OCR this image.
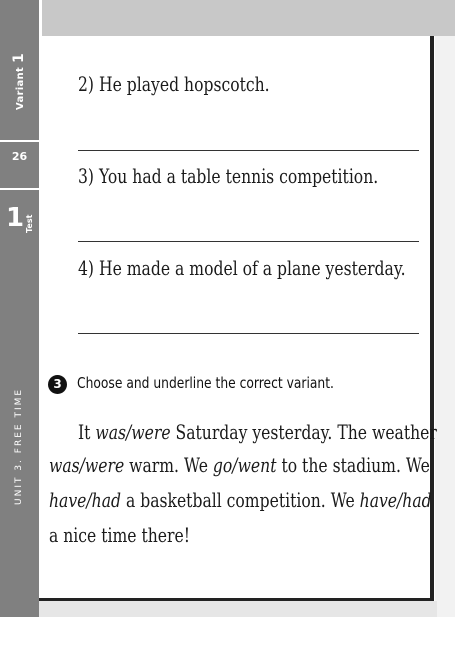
Variant1
26
1 Test
UNIT 3. FREE TIME
2) He played hopscotch.
3) You had a table tennis competition.
4) He made a model of a plane yesterday.
3	Choose and underline the correct variant.
It was/were Saturday yesterday. The weather
was/were warm. We go/went to the stadium. We
have/had a basketball competition. We have/had
a nice time there!
